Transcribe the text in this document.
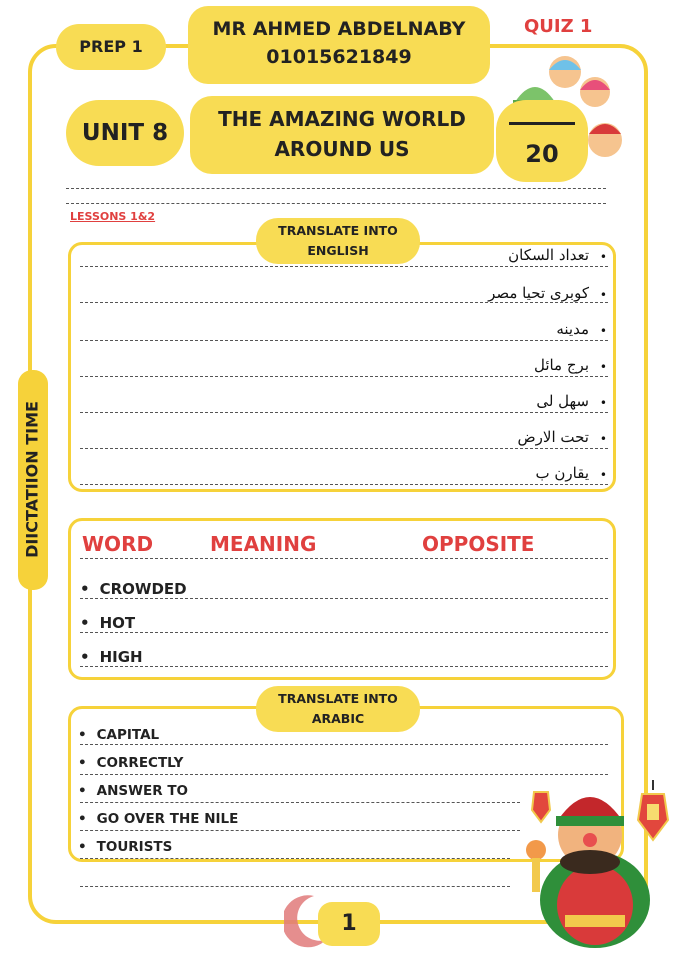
PREP 1
MR AHMED ABDELNABY
01015621849
QUIZ 1
UNIT 8
THE AMAZING WORLD
AROUND US	20
DIICTATIION TIME
LESSONS 1&2
TRANSLATE INTO
ENGLISH	تعداد السكان
كوبرى تحيا مصر
مدينه
برج مائل
سهل لى
تحت الارض
يقارن ب
•
•
•
•
•
•
•
WORD	MEANING	OPPOSITE
• CROWDED
• HOT
• HIGH
TRANSLATE INTO
ARABIC
• CAPITAL
• CORRECTLY
• ANSWER TO
• GO OVER THE NILE
• TOURISTS
1
